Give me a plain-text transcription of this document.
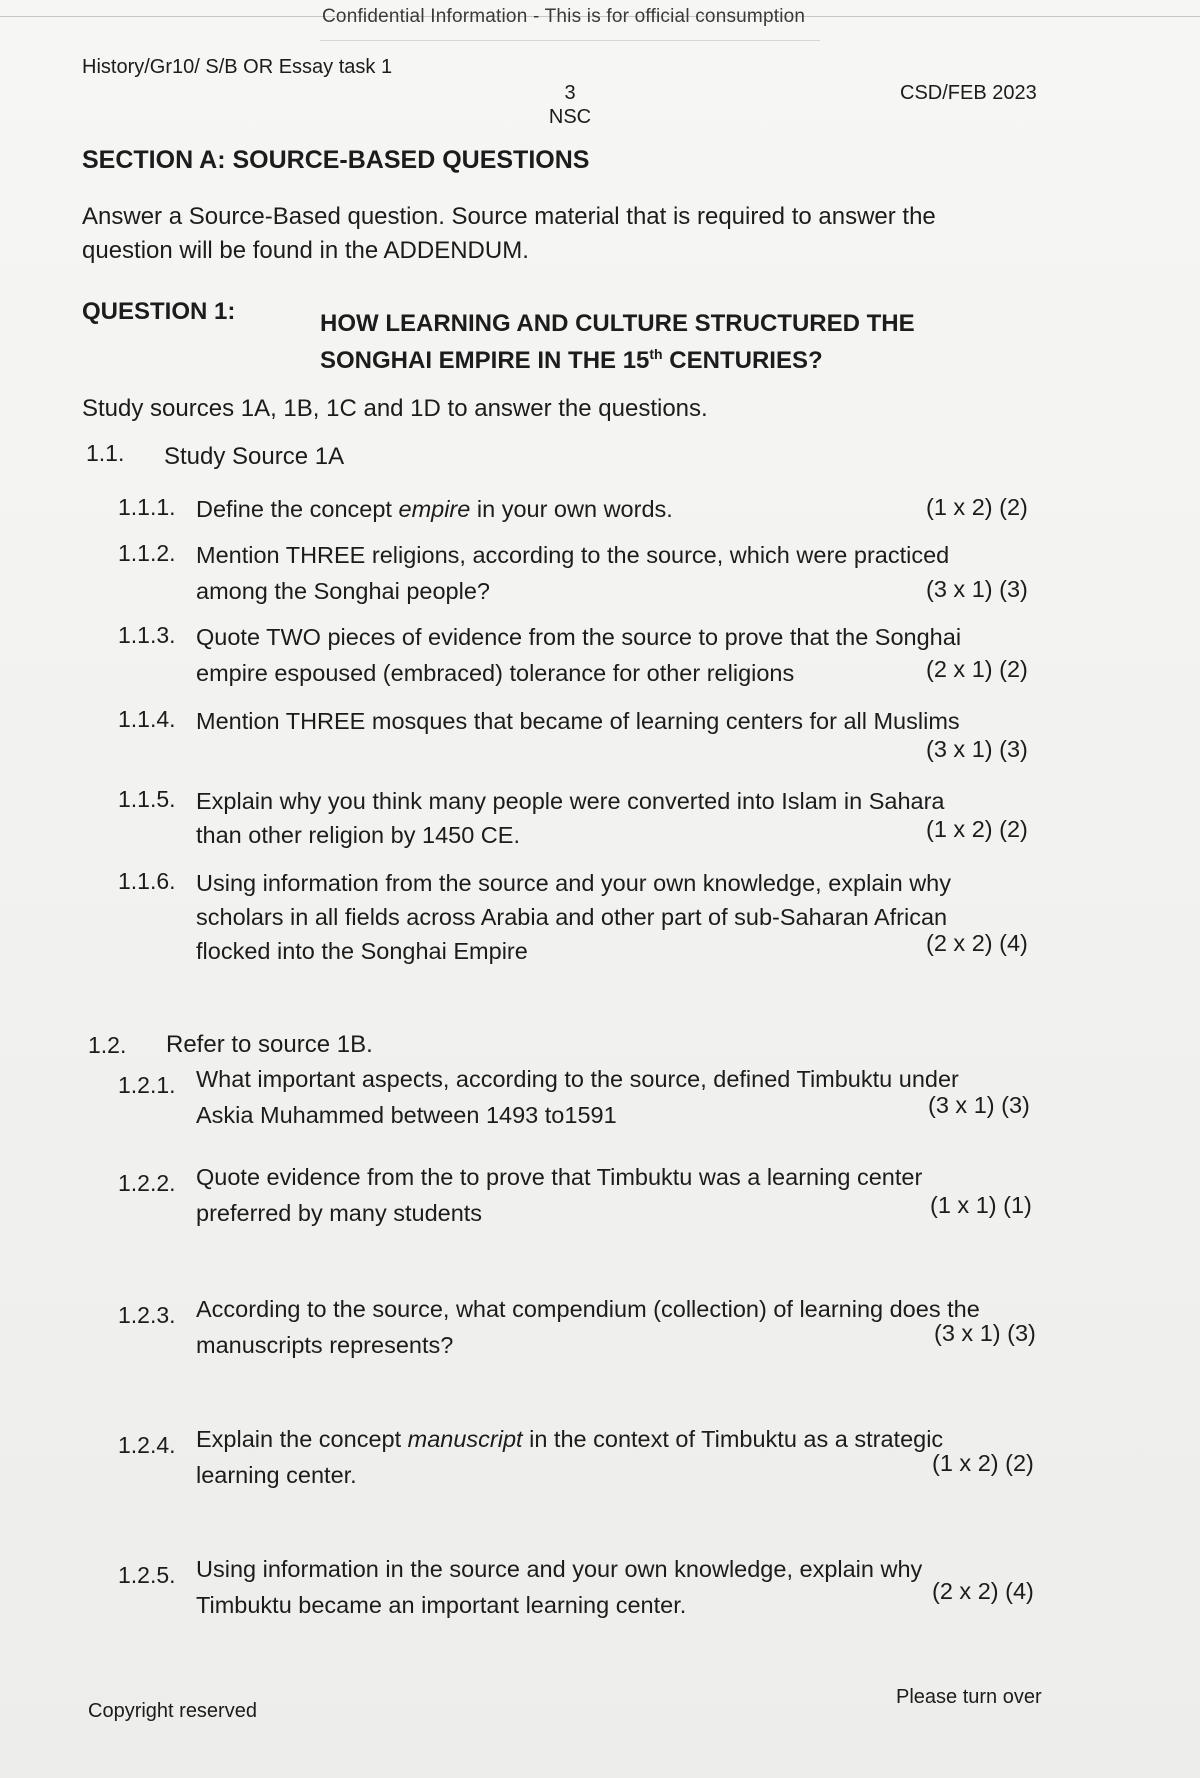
Confidential Information - This is for official consumption
History/Gr10/ S/B OR Essay task 1
3
NSC
CSD/FEB 2023
SECTION A: SOURCE-BASED QUESTIONS
Answer a Source-Based question. Source material that is required to answer the
question will be found in the ADDENDUM.
QUESTION 1:	HOW LEARNING AND CULTURE STRUCTURED THE
SONGHAI EMPIRE IN THE 15th CENTURIES?
Study sources 1A, 1B, 1C and 1D to answer the questions.
1.1. Study Source 1A
1.1.1. Define the concept empire in your own words.	(1 x 2) (2)
1.1.2. Mention THREE religions, according to the source, which were practiced
among the Songhai people?	(3 x 1) (3)
1.1.3. Quote TWO pieces of evidence from the source to prove that the Songhai
empire espoused (embraced) tolerance for other religions	(2 x 1) (2)
1.1.4. Mention THREE mosques that became of learning centers for all Muslims
(3 x 1) (3)
1.1.5. Explain why you think many people were converted into Islam in Sahara
than other religion by 1450 CE.	(1 x 2) (2)
1.1.6. Using information from the source and your own knowledge, explain why
scholars in all fields across Arabia and other part of sub-Saharan African
flocked into the Songhai Empire	(2 x 2) (4)
1.2. Refer to source 1B.
1.2.1. What important aspects, according to the source, defined Timbuktu under
Askia Muhammed between 1493 to1591	(3 x 1) (3)
1.2.2. Quote evidence from the to prove that Timbuktu was a learning center
preferred by many students	(1 x 1) (1)
1.2.3. According to the source, what compendium (collection) of learning does the
manuscripts represents?	(3 x 1) (3)
1.2.4. Explain the concept manuscript in the context of Timbuktu as a strategic
learning center.	(1 x 2) (2)
1.2.5. Using information in the source and your own knowledge, explain why
Timbuktu became an important learning center.
(2 x 2) (4)
Copyright reserved
Please turn over
